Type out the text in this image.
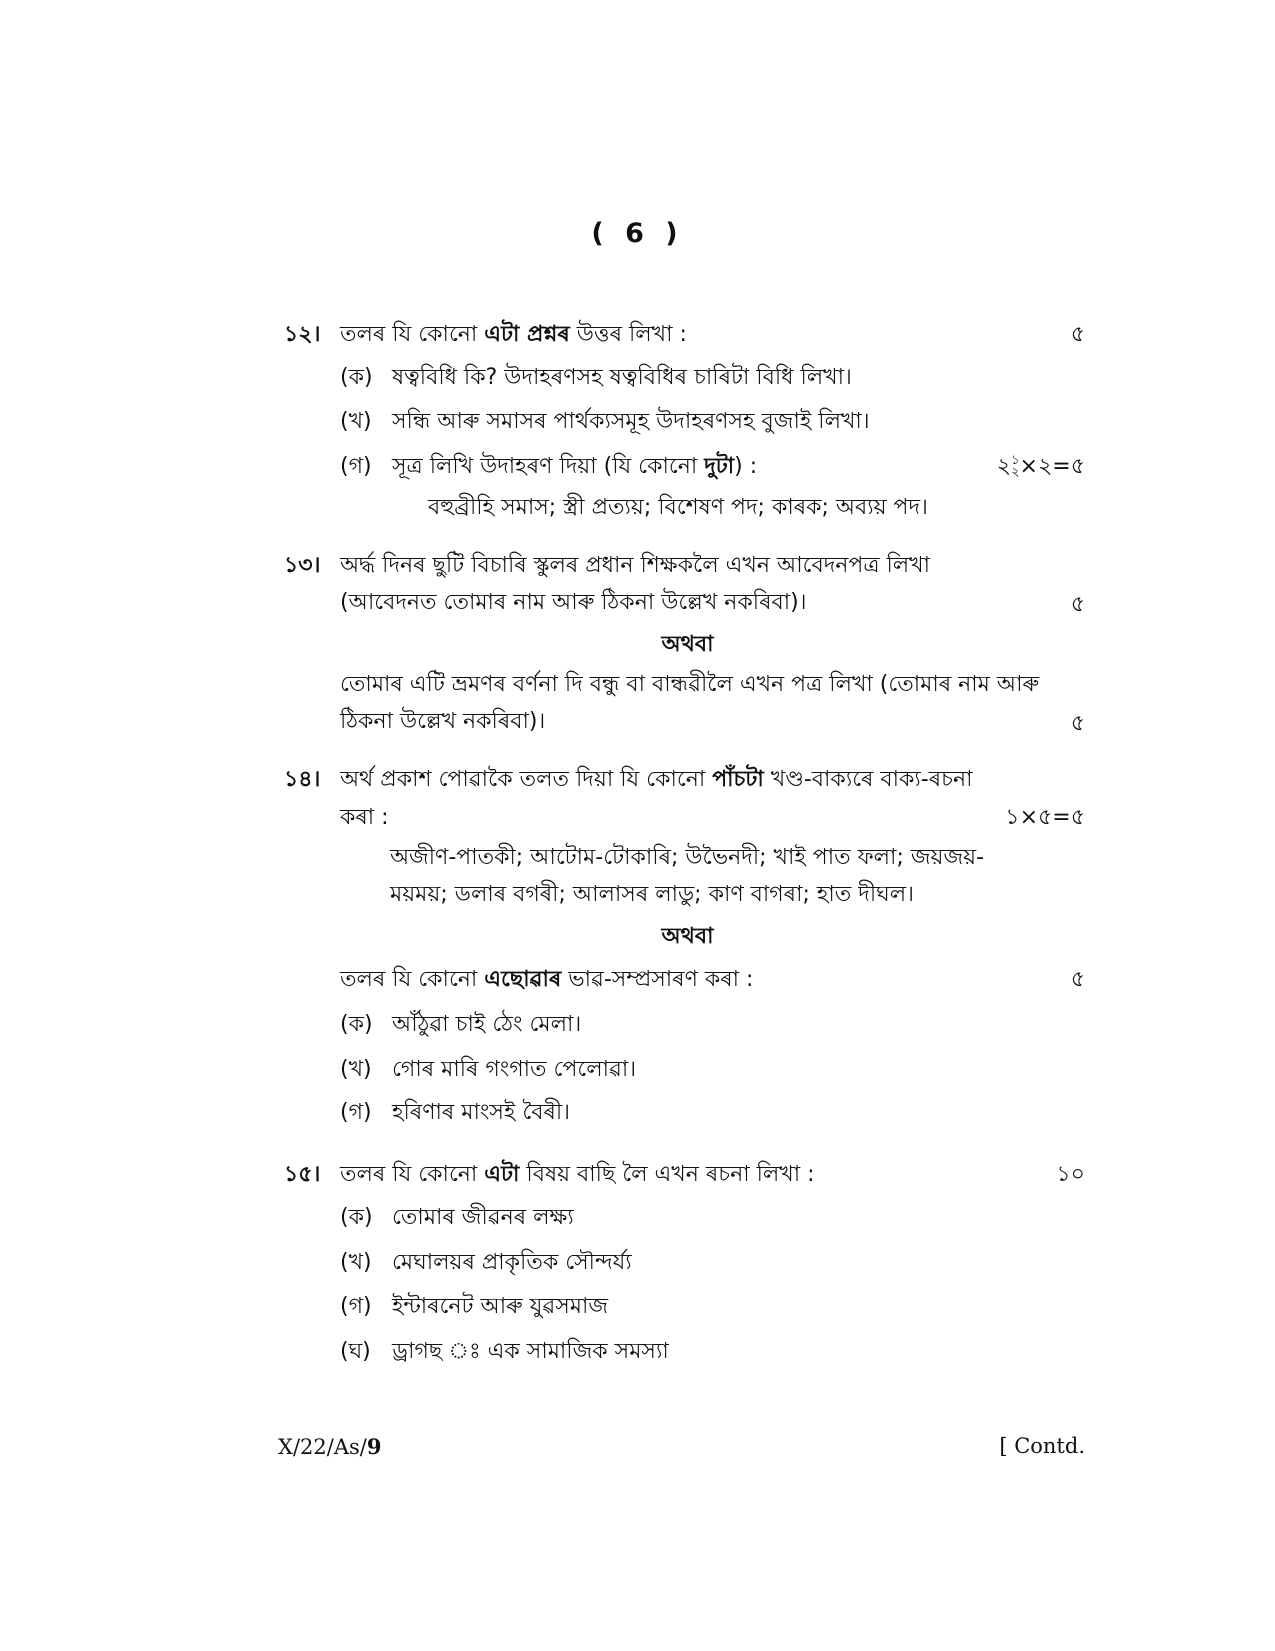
( 6 )
১২। তলৰ যি কোনো এটা প্ৰশ্নৰ উত্তৰ লিখা :	৫
(ক) ষত্ববিধি কি? উদাহৰণসহ ষত্ববিধিৰ চাৰিটা বিধি লিখা।
(খ) সন্ধি আৰু সমাসৰ পাৰ্থক্যসমূহ উদাহৰণসহ বুজাই লিখা।
(গ) সূত্ৰ লিখি উদাহৰণ দিয়া (যি কোনো দুটা) :	২১
২×২=৫
বহুব্ৰীহি সমাস; স্ত্ৰী প্ৰত্যয়; বিশেষণ পদ; কাৰক; অব্যয় পদ।
১৩। অৰ্দ্ধ দিনৰ ছুটি বিচাৰি স্কুলৰ প্ৰধান শিক্ষকলৈ এখন আবেদনপত্ৰ লিখা
(আবেদনত তোমাৰ নাম আৰু ঠিকনা উল্লেখ নকৰিবা)।	৫
অথবা
তোমাৰ এটি ভ্ৰমণৰ বৰ্ণনা দি বন্ধু বা বান্ধৱীলৈ এখন পত্ৰ লিখা (তোমাৰ নাম আৰু
ঠিকনা উল্লেখ নকৰিবা)।	৫
১৪। অৰ্থ প্ৰকাশ পোৱাকৈ তলত দিয়া যি কোনো পাঁচটা খণ্ড-বাক্যৰে বাক্য-ৰচনা
কৰা :	১×৫=৫
অজীণ-পাতকী; আটোম-টোকাৰি; উভৈনদী; খাই পাত ফলা; জয়জয়-
ময়ময়; ডলাৰ বগৰী; আলাসৰ লাডু; কাণ বাগৰা; হাত দীঘল।
অথবা
তলৰ যি কোনো এছোৱাৰ ভাৱ-সম্প্ৰসাৰণ কৰা :	৫
(ক) আঁঠুৱা চাই ঠেং মেলা।
(খ) গোৰ মাৰি গংগাত পেলোৱা।
(গ) হৰিণাৰ মাংসই বৈৰী।
১৫। তলৰ যি কোনো এটা বিষয় বাছি লৈ এখন ৰচনা লিখা :	১০
(ক) তোমাৰ জীৱনৰ লক্ষ্য
(খ) মেঘালয়ৰ প্ৰাকৃতিক সৌন্দৰ্য্য
(গ) ইন্টাৰনেট আৰু যুৱসমাজ
(ঘ) ড্ৰাগছ ঃ এক সামাজিক সমস্যা
X/22/As/9	[ Contd.
